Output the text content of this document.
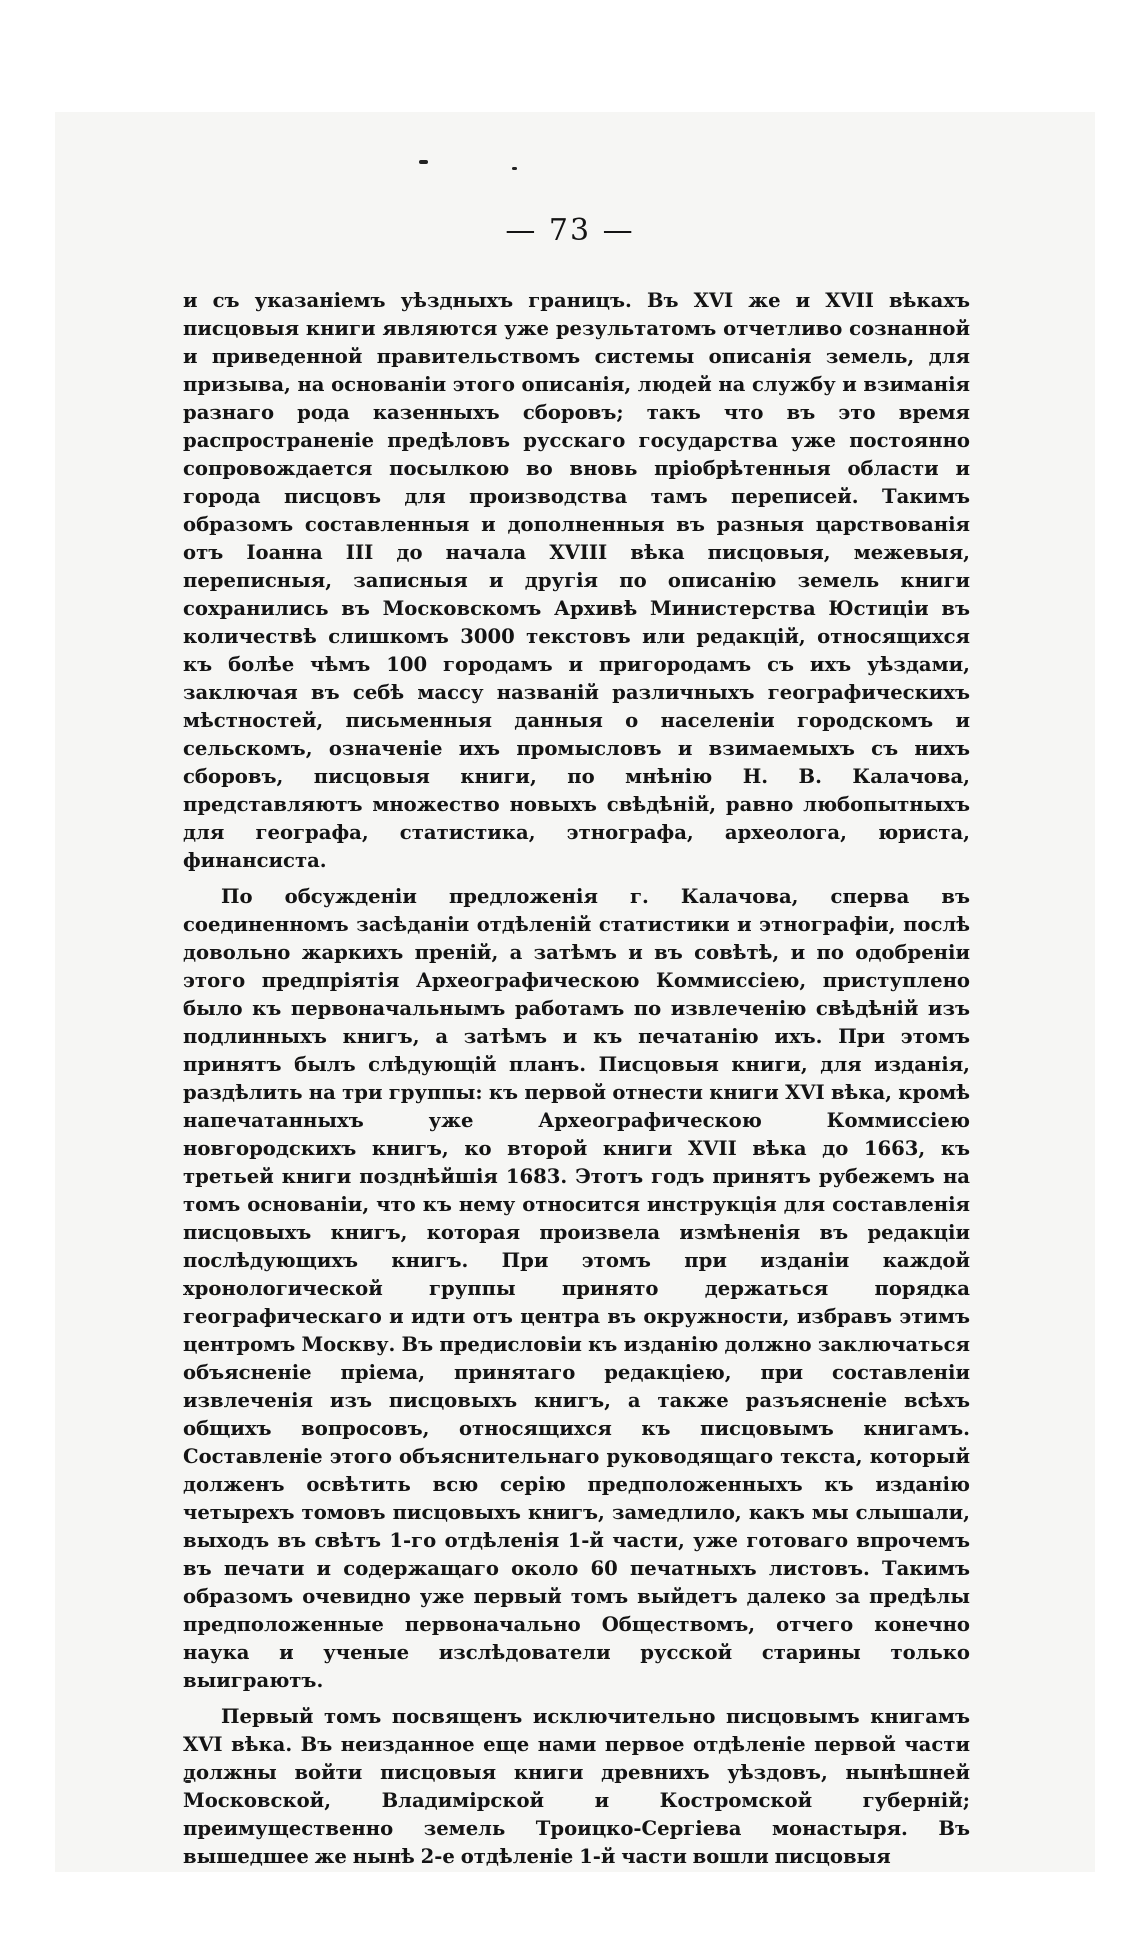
— 73 —

и съ указаніемъ уѣздныхъ границъ. Въ XVI же и XVII вѣкахъ писцовыя книги являются уже результатомъ отчетливо сознанной и приведенной правительствомъ системы описанія земель, для призыва, на основаніи этого описанія, людей на службу и взиманія разнаго рода казенныхъ сборовъ; такъ что въ это время распространеніе предѣловъ русскаго государства уже постоянно сопровождается посылкою во вновь пріобрѣтенныя области и города писцовъ для производства тамъ переписей. Такимъ образомъ составленныя и дополненныя въ разныя царствованія отъ Іоанна III до начала XVIII вѣка писцовыя, межевыя, переписныя, записныя и другія по описанію земель книги сохранились въ Московскомъ Архивѣ Министерства Юстиціи въ количествѣ слишкомъ 3000 текстовъ или редакцій, относящихся къ болѣе чѣмъ 100 городамъ и пригородамъ съ ихъ уѣздами, заключая въ себѣ массу названій различныхъ географическихъ мѣстностей, письменныя данныя о населеніи городскомъ и сельскомъ, означеніе ихъ промысловъ и взимаемыхъ съ нихъ сборовъ, писцовыя книги, по мнѣнію Н. В. Калачова, представляютъ множество новыхъ свѣдѣній, равно любопытныхъ для географа, статистика, этнографа, археолога, юриста, финансиста.

По обсужденіи предложенія г. Калачова, сперва въ соединенномъ засѣданіи отдѣленій статистики и этнографіи, послѣ довольно жаркихъ преній, а затѣмъ и въ совѣтѣ, и по одобреніи этого предпріятія Археографическою Коммиссіею, приступлено было къ первоначальнымъ работамъ по извлеченію свѣдѣній изъ подлинныхъ книгъ, а затѣмъ и къ печатанію ихъ. При этомъ принятъ былъ слѣдующій планъ. Писцовыя книги, для изданія, раздѣлить на три группы: къ первой отнести книги XVI вѣка, кромѣ напечатанныхъ уже Археографическою Коммиссіею новгородскихъ книгъ, ко второй книги XVII вѣка до 1663, къ третьей книги позднѣйшія 1683. Этотъ годъ принятъ рубежемъ на томъ основаніи, что къ нему относится инструкція для составленія писцовыхъ книгъ, которая произвела измѣненія въ редакціи послѣдующихъ книгъ. При этомъ при изданіи каждой хронологической группы принято держаться порядка географическаго и идти отъ центра въ окружности, избравъ этимъ центромъ Москву. Въ предисловіи къ изданію должно заключаться объясненіе пріема, принятаго редакціею, при составленіи извлеченія изъ писцовыхъ книгъ, а также разъясненіе всѣхъ общихъ вопросовъ, относящихся къ писцовымъ книгамъ. Составленіе этого объяснительнаго руководящаго текста, который долженъ освѣтить всю серію предположенныхъ къ изданію четырехъ томовъ писцовыхъ книгъ, замедлило, какъ мы слышали, выходъ въ свѣтъ 1-го отдѣленія 1-й части, уже готоваго впрочемъ въ печати и содержащаго около 60 печатныхъ листовъ. Такимъ образомъ очевидно уже первый томъ выйдетъ далеко за предѣлы предположенные первоначально Обществомъ, отчего конечно наука и ученые изслѣдователи русской старины только выиграютъ.

Первый томъ посвященъ исключительно писцовымъ книгамъ XVI вѣка. Въ неизданное еще нами первое отдѣленіе первой части должны войти писцовыя книги древнихъ уѣздовъ, нынѣшней Московской, Владимірской и Костромской губерній; преимущественно земель Троицко-Сергіева монастыря. Въ вышедшее же нынѣ 2-е отдѣленіе 1-й части вошли писцовыя
